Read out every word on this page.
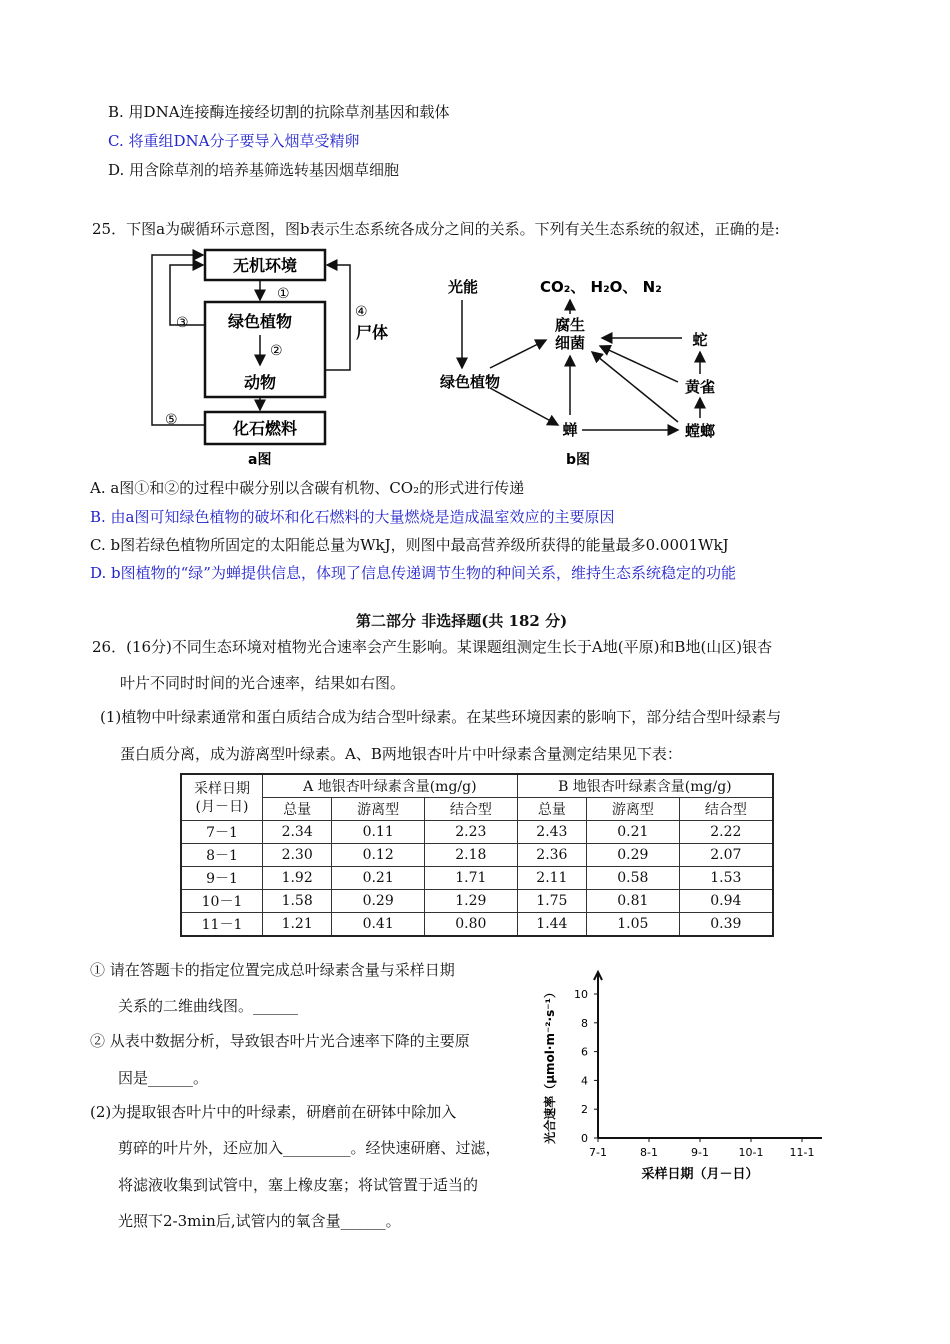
B. 用DNA连接酶连接经切割的抗除草剂基因和载体
C. 将重组DNA分子要导入烟草受精卵
D. 用含除草剂的培养基筛选转基因烟草细胞
25．下图a为碳循环示意图，图b表示生态系统各成分之间的关系。下列有关生态系统的叙述，正确的是:
无机环境
绿色植物
动物
化石燃料
①
②
③
⑤
④
尸体
a图
光能	CO₂、 H₂O、 N₂
腐生
细菌
绿色植物
蝉	螳螂
黄雀
蛇
b图
A. a图①和②的过程中碳分别以含碳有机物、CO₂的形式进行传递
B. 由a图可知绿色植物的破坏和化石燃料的大量燃烧是造成温室效应的主要原因
C. b图若绿色植物所固定的太阳能总量为WkJ，则图中最高营养级所获得的能量最多0.0001WkJ
D. b图植物的“绿”为蝉提供信息，体现了信息传递调节生物的种间关系，维持生态系统稳定的功能
第二部分 非选择题(共 182 分)
26．(16分)不同生态环境对植物光合速率会产生影响。某课题组测定生长于A地(平原)和B地(山区)银杏
叶片不同时时间的光合速率，结果如右图。
(1)植物中叶绿素通常和蛋白质结合成为结合型叶绿素。在某些环境因素的影响下，部分结合型叶绿素与
蛋白质分离，成为游离型叶绿素。A、B两地银杏叶片中叶绿素含量测定结果见下表：
采样日期
(月－日)	A 地银杏叶绿素含量(mg/g)			B 地银杏叶绿素含量(mg/g)		
	总量	游离型	结合型	总量	游离型	结合型
7－1	2.34	0.11	2.23	2.43	0.21	2.22
8－1	2.30	0.12	2.18	2.36	0.29	2.07
9－1	1.92	0.21	1.71	2.11	0.58	1.53
10－1	1.58	0.29	1.29	1.75	0.81	0.94
11－1	1.21	0.41	0.80	1.44	1.05	0.39
① 请在答题卡的指定位置完成总叶绿素含量与采样日期
关系的二维曲线图。______
② 从表中数据分析，导致银杏叶片光合速率下降的主要原
因是______。
(2)为提取银杏叶片中的叶绿素，研磨前在研钵中除加入
剪碎的叶片外，还应加入_________。经快速研磨、过滤，
将滤液收集到试管中，塞上橡皮塞；将试管置于适当的
光照下2-3min后,试管内的氧含量______。
0
2
4
6
8
10
7-1	8-1	9-1	10-1 11-1
采样日期（月－日）
光合速率（μmol·m⁻²·s⁻¹）
